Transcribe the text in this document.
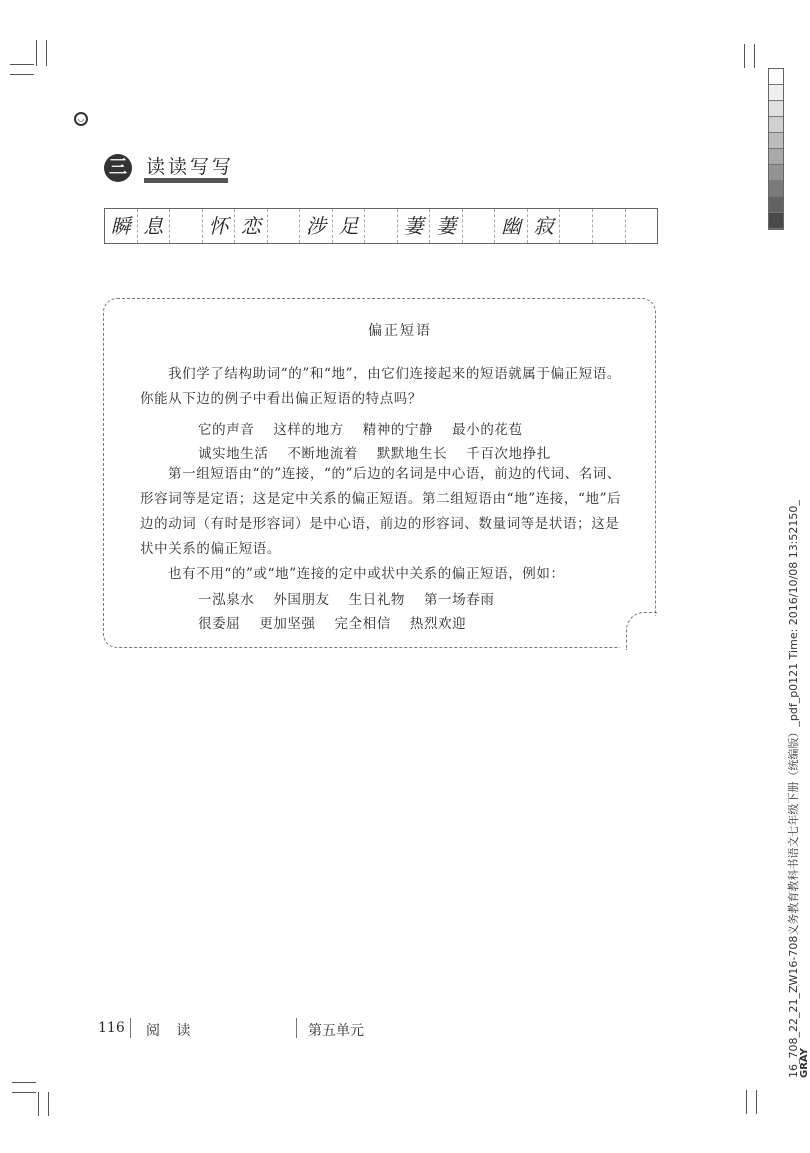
◡
三 读读写写
瞬 息	怀 恋	涉 足	萋 萋	幽 寂
偏正短语
我们学了结构助词“的”和“地”，由它们连接起来的短语就属于偏正短语。你能从下边的例子中看出偏正短语的特点吗？
它的声音 这样的地方 精神的宁静 最小的花苞
诚实地生活 不断地流着 默默地生长 千百次地挣扎
第一组短语由“的”连接，“的”后边的名词是中心语，前边的代词、名词、形容词等是定语；这是定中关系的偏正短语。第二组短语由“地”连接，“地”后边的动词（有时是形容词）是中心语，前边的形容词、数量词等是状语；这是状中关系的偏正短语。
也有不用“的”或“地”连接的定中或状中关系的偏正短语，例如：
一泓泉水 外国朋友 生日礼物 第一场春雨
很委屈 更加坚强 完全相信 热烈欢迎
116 阅 读	第五单元	16_708_22_21_ZW16-708义务教育教科书语文七年级下册（统编版）_pdf_p0121 Time: 2016/10/08 13:52150_ GRAY
